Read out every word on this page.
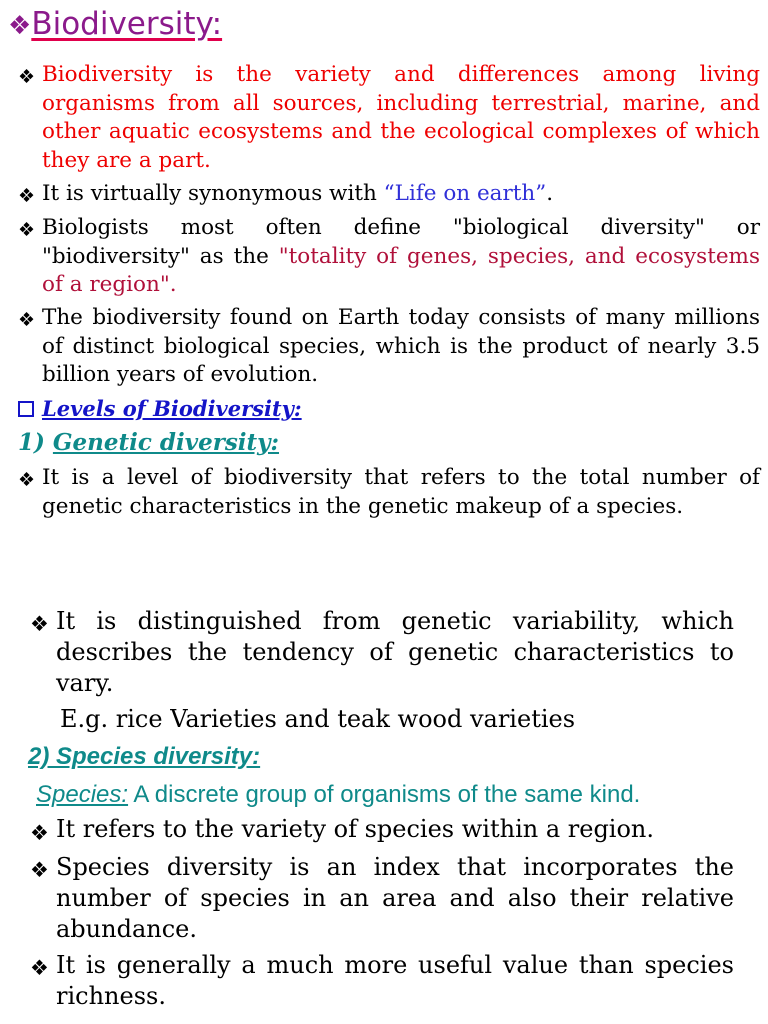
❖Biodiversity:
❖ Biodiversity is the variety and differences among living organisms from all sources, including terrestrial, marine, and other aquatic ecosystems and the ecological complexes of which they are a part.
❖ It is virtually synonymous with “Life on earth”.
❖ Biologists most often define "biological diversity" or "biodiversity" as the "totality of genes, species, and ecosystems of a region".
❖ The biodiversity found on Earth today consists of many millions of distinct biological species, which is the product of nearly 3.5 billion years of evolution.
Levels of Biodiversity:
1) Genetic diversity:
❖ It is a level of biodiversity that refers to the total number of genetic characteristics in the genetic makeup of a species.
❖ It is distinguished from genetic variability, which describes the tendency of genetic characteristics to vary.
E.g. rice Varieties and teak wood varieties
2) Species diversity:
Species: A discrete group of organisms of the same kind.
❖ It refers to the variety of species within a region.
❖ Species diversity is an index that incorporates the number of species in an area and also their relative abundance.
❖ It is generally a much more useful value than species richness.
